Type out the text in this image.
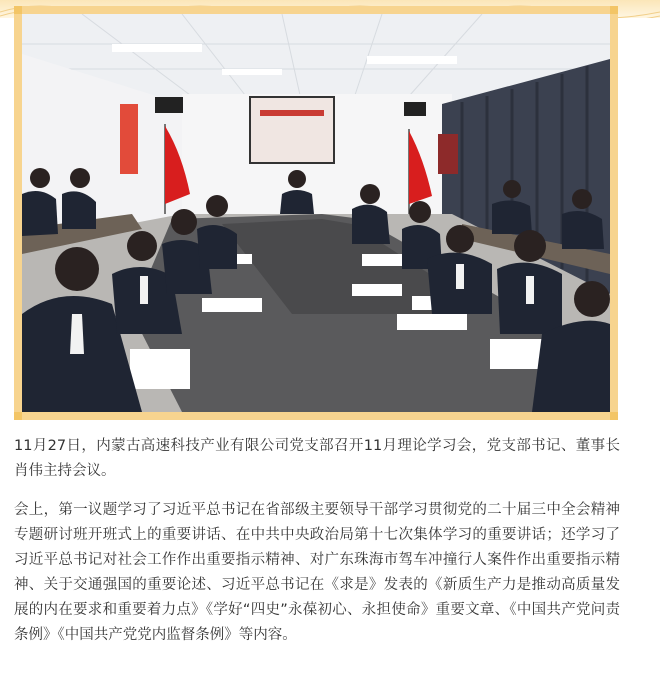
11月27日，内蒙古高速科技产业有限公司党支部召开11月理论学习会，党支部书记、董事长肖伟主持会议。

会上，第一议题学习了习近平总书记在省部级主要领导干部学习贯彻党的二十届三中全会精神专题研讨班开班式上的重要讲话、在中共中央政治局第十七次集体学习的重要讲话；还学习了习近平总书记对社会工作作出重要指示精神、对广东珠海市驾车冲撞行人案件作出重要指示精神、关于交通强国的重要论述、习近平总书记在《求是》发表的《新质生产力是推动高质量发展的内在要求和重要着力点》《学好“四史”永葆初心、永担使命》重要文章、《中国共产党问责条例》《中国共产党党内监督条例》等内容。
